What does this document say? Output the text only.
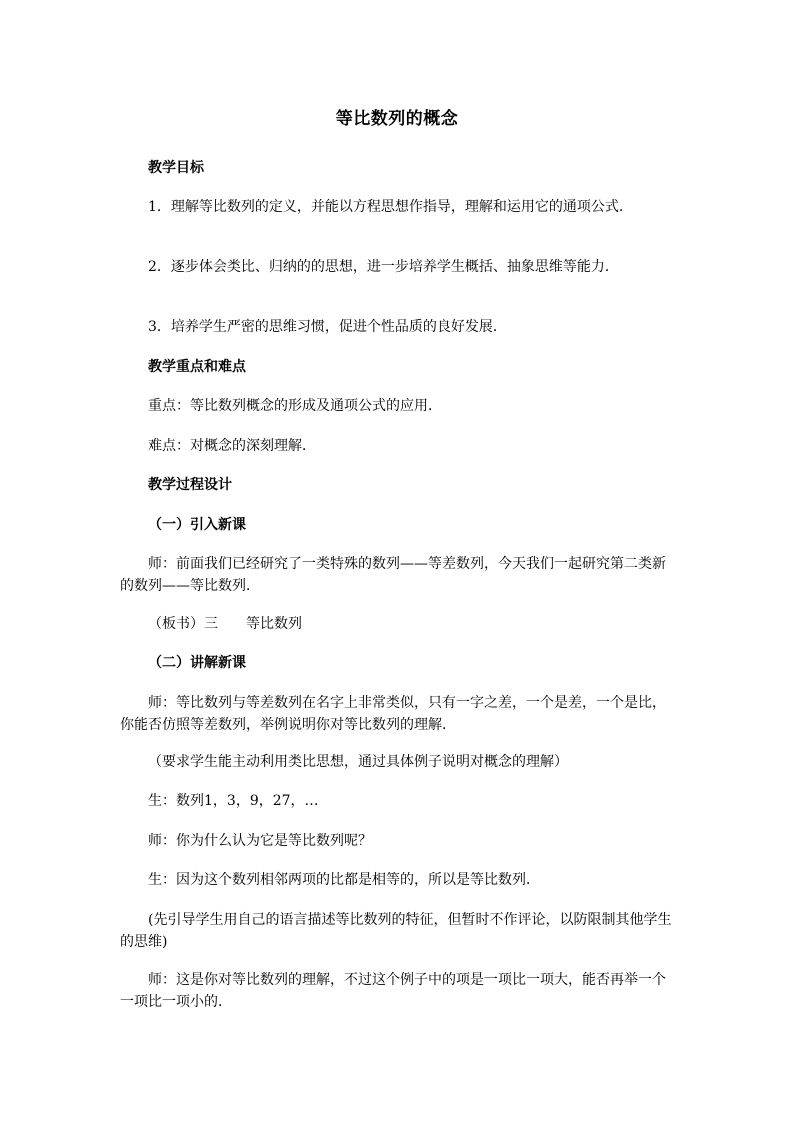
等比数列的概念
教学目标
1．理解等比数列的定义，并能以方程思想作指导，理解和运用它的通项公式．
2．逐步体会类比、归纳的的思想，进一步培养学生概括、抽象思维等能力．
3．培养学生严密的思维习惯，促进个性品质的良好发展．
教学重点和难点
重点：等比数列概念的形成及通项公式的应用．
难点：对概念的深刻理解．
教学过程设计
（一）引入新课
师：前面我们已经研究了一类特殊的数列——等差数列，今天我们一起研究第二类新的数列——等比数列．
（板书）三　　等比数列
（二）讲解新课
师：等比数列与等差数列在名字上非常类似，只有一字之差，一个是差，一个是比，你能否仿照等差数列，举例说明你对等比数列的理解．
（要求学生能主动利用类比思想，通过具体例子说明对概念的理解）
生：数列1，3，9，27，…
师：你为什么认为它是等比数列呢？
生：因为这个数列相邻两项的比都是相等的，所以是等比数列．
(先引导学生用自己的语言描述等比数列的特征，但暂时不作评论，以防限制其他学生的思维)
师：这是你对等比数列的理解，不过这个例子中的项是一项比一项大，能否再举一个一项比一项小的．
